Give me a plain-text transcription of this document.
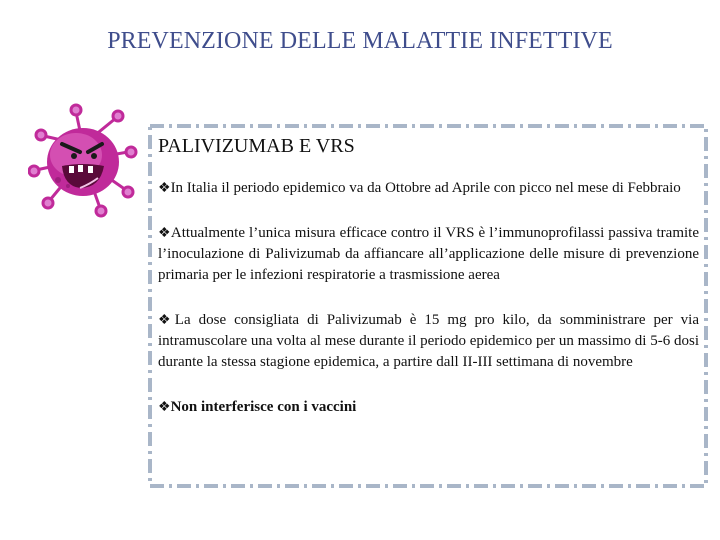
PREVENZIONE DELLE MALATTIE INFETTIVE
PALIVIZUMAB E VRS

❖In Italia il periodo epidemico va da Ottobre ad Aprile con picco nel mese di Febbraio

❖Attualmente l’unica misura efficace contro il VRS è l’immunoprofilassi passiva tramite l’inoculazione di Palivizumab da affiancare all’applicazione delle misure di prevenzione primaria per le infezioni respiratorie a trasmissione aerea

❖La dose consigliata di Palivizumab è 15 mg pro kilo, da somministrare per via intramuscolare una volta al mese durante il periodo epidemico per un massimo di 5-6 dosi durante la stessa stagione epidemica, a partire dall II-III settimana di novembre

❖Non interferisce con i vaccini
